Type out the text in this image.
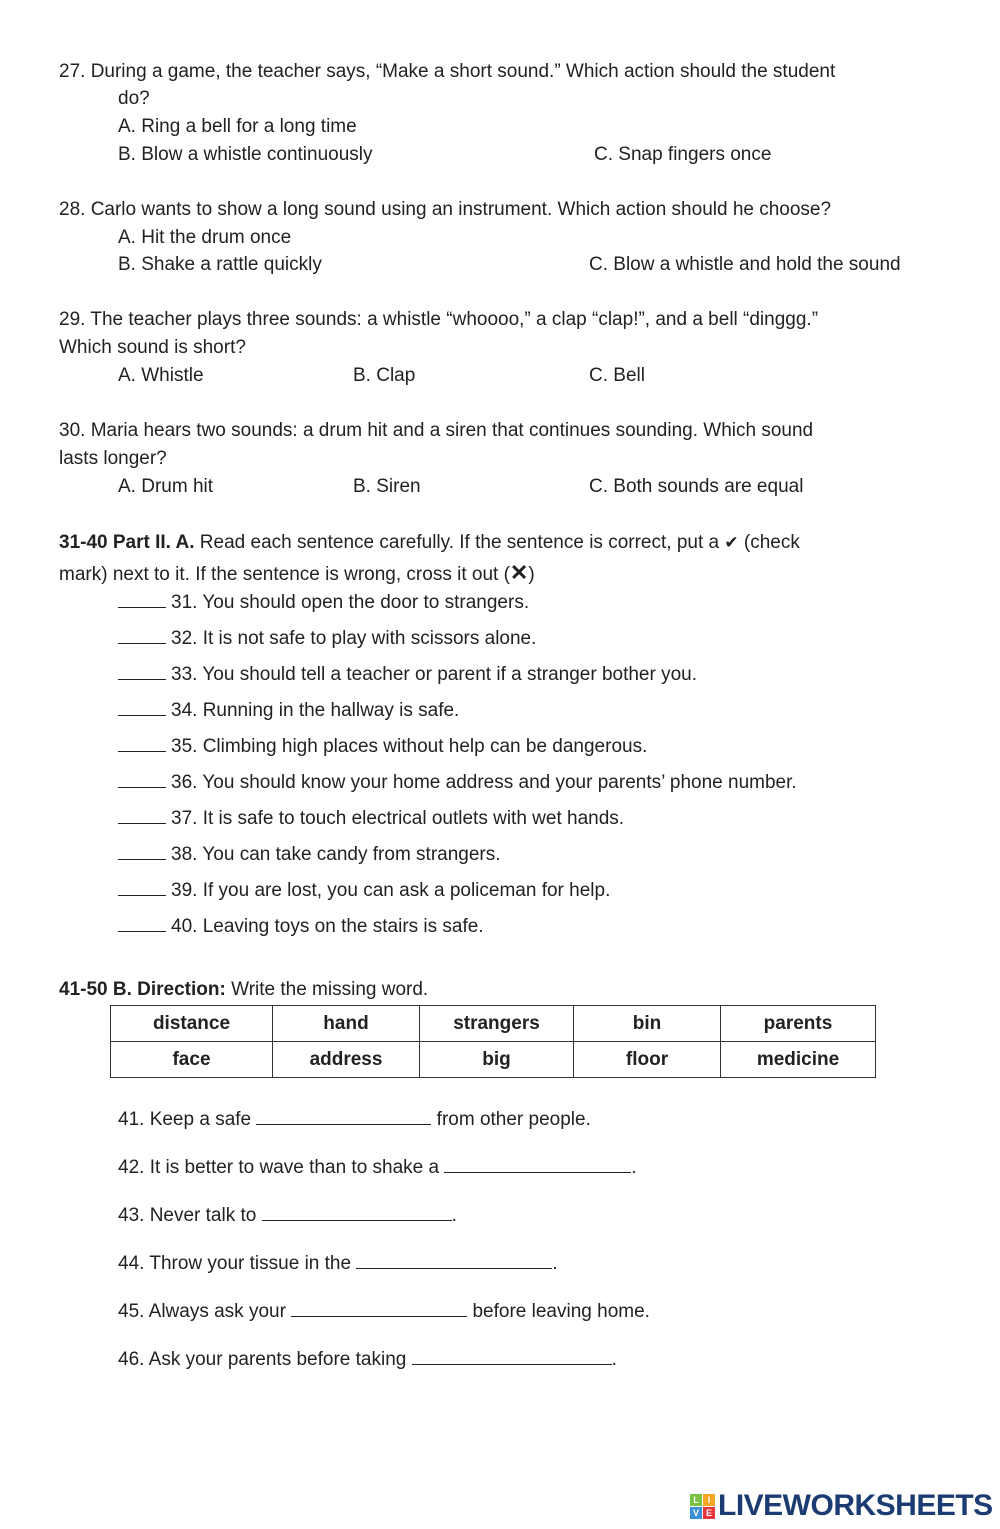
27. During a game, the teacher says, “Make a short sound.” Which action should the student
do?
A. Ring a bell for a long time
B. Blow a whistle continuously	C. Snap fingers once
28. Carlo wants to show a long sound using an instrument. Which action should he choose?
A. Hit the drum once
B. Shake a rattle quickly	C. Blow a whistle and hold the sound
29. The teacher plays three sounds: a whistle “whoooo,” a clap “clap!”, and a bell “dinggg.”
Which sound is short?
A. Whistle	B. Clap	C. Bell
30. Maria hears two sounds: a drum hit and a siren that continues sounding. Which sound
lasts longer?
A. Drum hit	B. Siren	C. Both sounds are equal
31-40 Part II. A. Read each sentence carefully. If the sentence is correct, put a ✔ (check
mark) next to it. If the sentence is wrong, cross it out (✕)
31. You should open the door to strangers.
32. It is not safe to play with scissors alone.
33. You should tell a teacher or parent if a stranger bother you.
34. Running in the hallway is safe.
35. Climbing high places without help can be dangerous.
36. You should know your home address and your parents’ phone number.
37. It is safe to touch electrical outlets with wet hands.
38. You can take candy from strangers.
39. If you are lost, you can ask a policeman for help.
40. Leaving toys on the stairs is safe.
41-50 B. Direction: Write the missing word.
distance	hand	strangers	bin	parents
face	address	big	floor	medicine
41. Keep a safe	from other people.
42. It is better to wave than to shake a	.
43. Never talk to	.
44. Throw your tissue in the	.
45. Always ask your	before leaving home.
46. Ask your parents before taking	.
L I
V E LIVEWORKSHEETS
